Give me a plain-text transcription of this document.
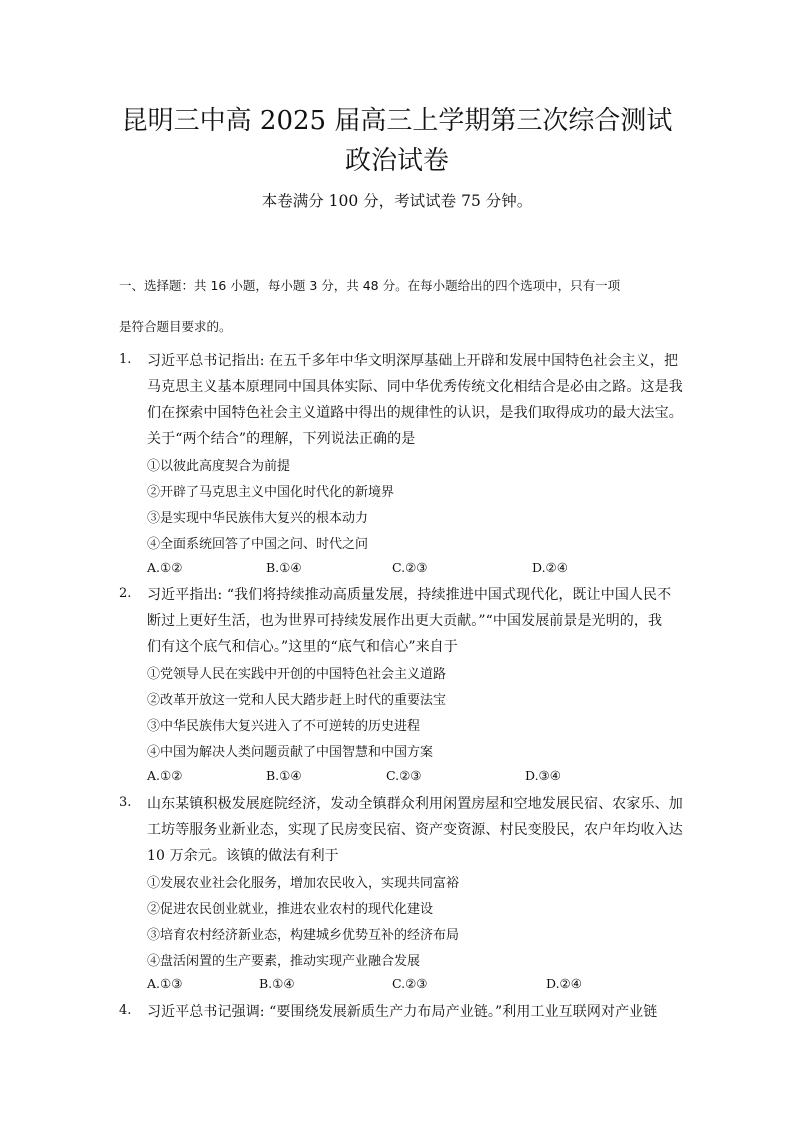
昆明三中高 2025 届高三上学期第三次综合测试
政治试卷
本卷满分 100 分，考试试卷 75 分钟。
一、选择题：共 16 小题，每小题 3 分，共 48 分。在每小题给出的四个选项中，只有一项
是符合题目要求的。
1. 习近平总书记指出: 在五千多年中华文明深厚基础上开辟和发展中国特色社会主义，把
马克思主义基本原理同中国具体实际、同中华优秀传统文化相结合是必由之路。这是我
们在探索中国特色社会主义道路中得出的规律性的认识，是我们取得成功的最大法宝。
关于“两个结合”的理解，下列说法正确的是
①以彼此高度契合为前提
②开辟了马克思主义中国化时代化的新境界
③是实现中华民族伟大复兴的根本动力
④全面系统回答了中国之问、时代之问
A.①②	B.①④	C.②③	D.②④
2. 习近平指出: “我们将持续推动高质量发展，持续推进中国式现代化，既让中国人民不
断过上更好生活，也为世界可持续发展作出更大贡献。”“中国发展前景是光明的，我
们有这个底气和信心。”这里的“底气和信心”来自于
①党领导人民在实践中开创的中国特色社会主义道路
②改革开放这一党和人民大踏步赶上时代的重要法宝
③中华民族伟大复兴进入了不可逆转的历史进程
④中国为解决人类问题贡献了中国智慧和中国方案
A.①②	B.①④	C.②③	D.③④
3. 山东某镇积极发展庭院经济，发动全镇群众利用闲置房屋和空地发展民宿、农家乐、加
工坊等服务业新业态，实现了民房变民宿、资产变资源、村民变股民，农户年均收入达
10 万余元。该镇的做法有利于
①发展农业社会化服务，增加农民收入，实现共同富裕
②促进农民创业就业，推进农业农村的现代化建设
③培育农村经济新业态，构建城乡优势互补的经济布局
④盘活闲置的生产要素，推动实现产业融合发展
A.①③	B.①④	C.②③	D.②④
4. 习近平总书记强调: “要围绕发展新质生产力布局产业链。”利用工业互联网对产业链
